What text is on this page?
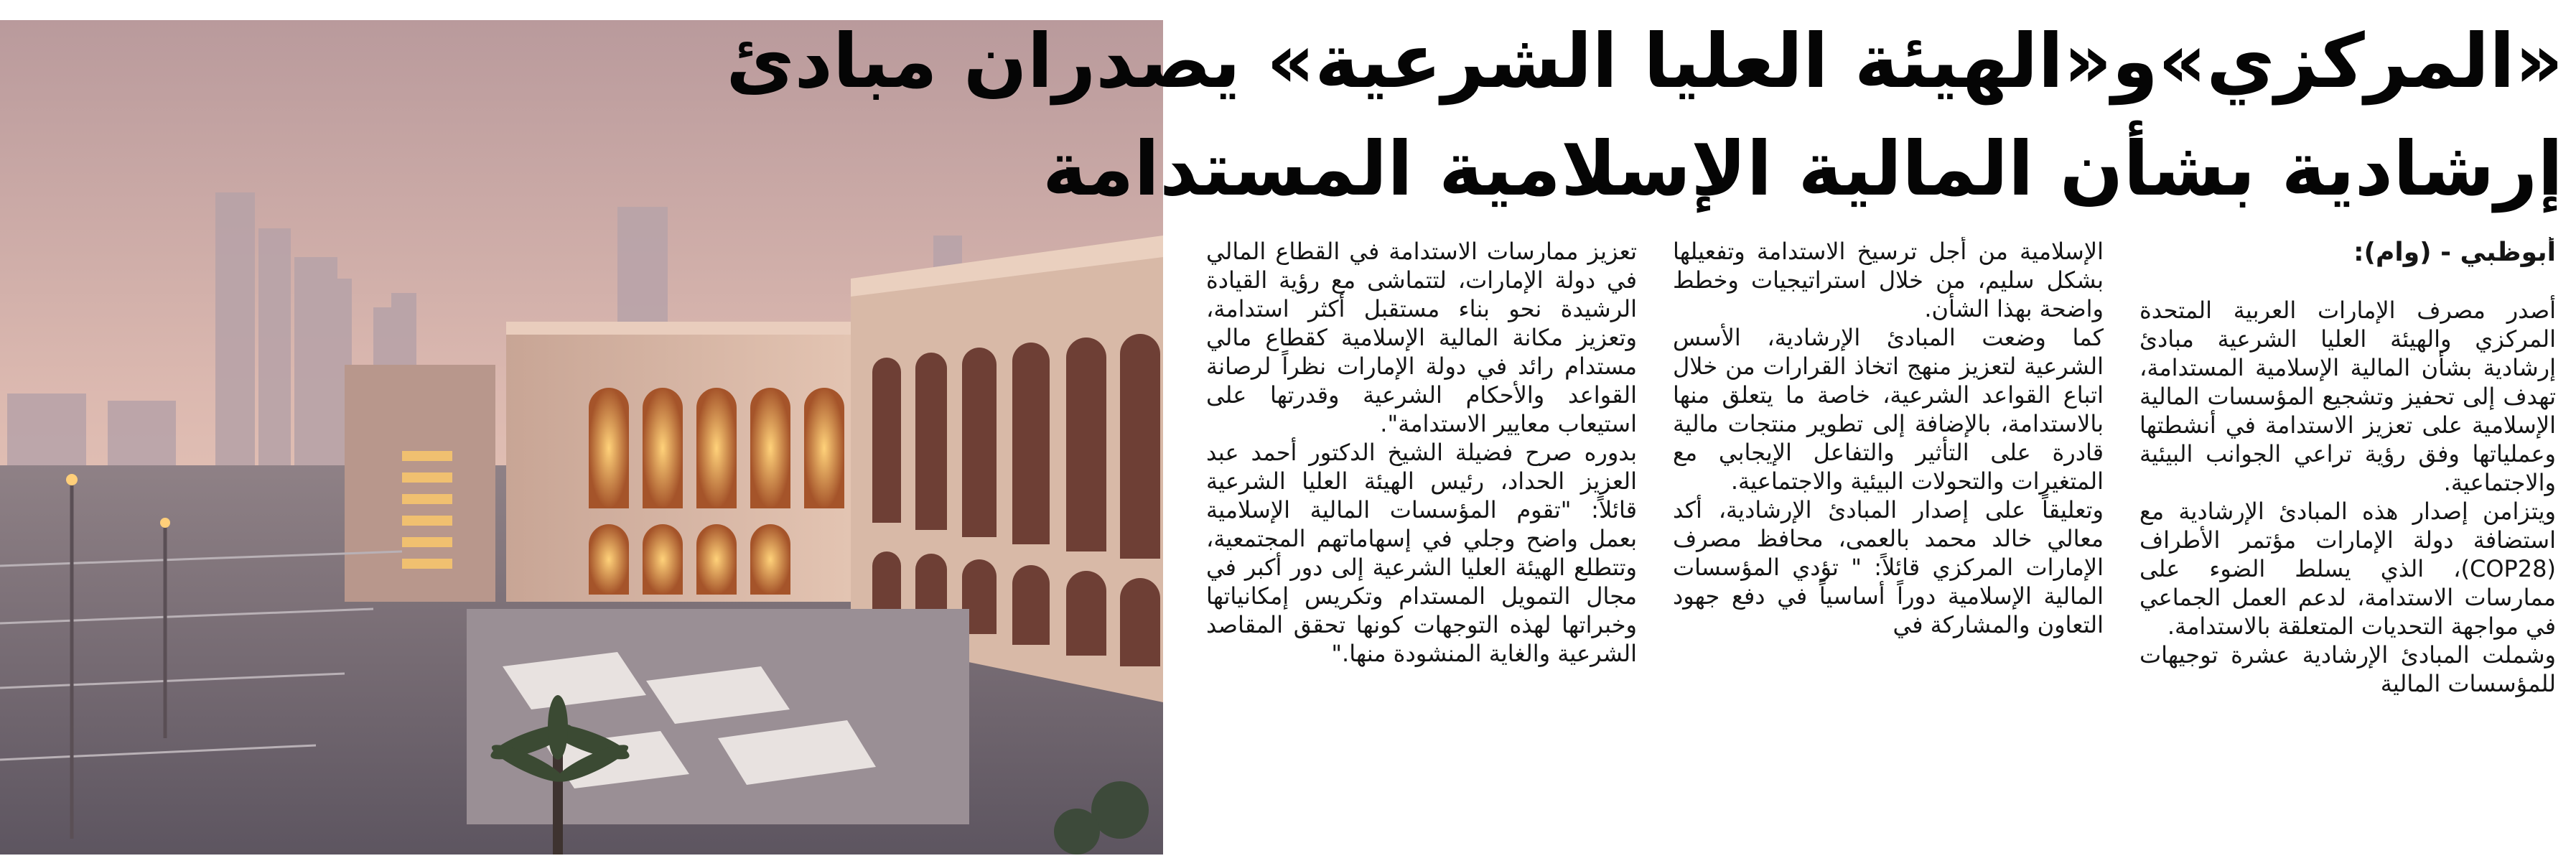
«المركزي»و«الهيئة العليا الشرعية» يصدران مبادئ
إرشادية بشأن المالية الإسلامية المستدامة

أبوظبي - (وام):

أصدر مصرف الإمارات العربية المتحدة المركزي والهيئة العليا الشرعية مبادئ إرشادية بشأن المالية الإسلامية المستدامة، تهدف إلى تحفيز وتشجيع المؤسسات المالية الإسلامية على تعزيز الاستدامة في أنشطتها وعملياتها وفق رؤية تراعي الجوانب البيئية والاجتماعية.

ويتزامن إصدار هذه المبادئ الإرشادية مع استضافة دولة الإمارات مؤتمر الأطراف (COP28)، الذي يسلط الضوء على ممارسات الاستدامة، لدعم العمل الجماعي في مواجهة التحديات المتعلقة بالاستدامة.

وشملت المبادئ الإرشادية عشرة توجيهات للمؤسسات المالية

الإسلامية من أجل ترسيخ الاستدامة وتفعيلها بشكل سليم، من خلال استراتيجيات وخطط واضحة بهذا الشأن.

كما وضعت المبادئ الإرشادية، الأسس الشرعية لتعزيز منهج اتخاذ القرارات من خلال اتباع القواعد الشرعية، خاصة ما يتعلق منها بالاستدامة، بالإضافة إلى تطوير منتجات مالية قادرة على التأثير والتفاعل الإيجابي مع المتغيرات والتحولات البيئية والاجتماعية.

وتعليقاً على إصدار المبادئ الإرشادية، أكد معالي خالد محمد بالعمى، محافظ مصرف الإمارات المركزي قائلاً: " تؤدي المؤسسات المالية الإسلامية دوراً أساسياً في دفع جهود التعاون والمشاركة في

تعزيز ممارسات الاستدامة في القطاع المالي في دولة الإمارات، لتتماشى مع رؤية القيادة الرشيدة نحو بناء مستقبل أكثر استدامة، وتعزيز مكانة المالية الإسلامية كقطاع مالي مستدام رائد في دولة الإمارات نظراً لرصانة القواعد والأحكام الشرعية وقدرتها على استيعاب معايير الاستدامة".

بدوره صرح فضيلة الشيخ الدكتور أحمد عبد العزيز الحداد، رئيس الهيئة العليا الشرعية قائلاً: "تقوم المؤسسات المالية الإسلامية بعمل واضح وجلي في إسهاماتهم المجتمعية، وتتطلع الهيئة العليا الشرعية إلى دور أكبر في مجال التمويل المستدام وتكريس إمكانياتها وخبراتها لهذه التوجهات كونها تحقق المقاصد الشرعية والغاية المنشودة منها."
